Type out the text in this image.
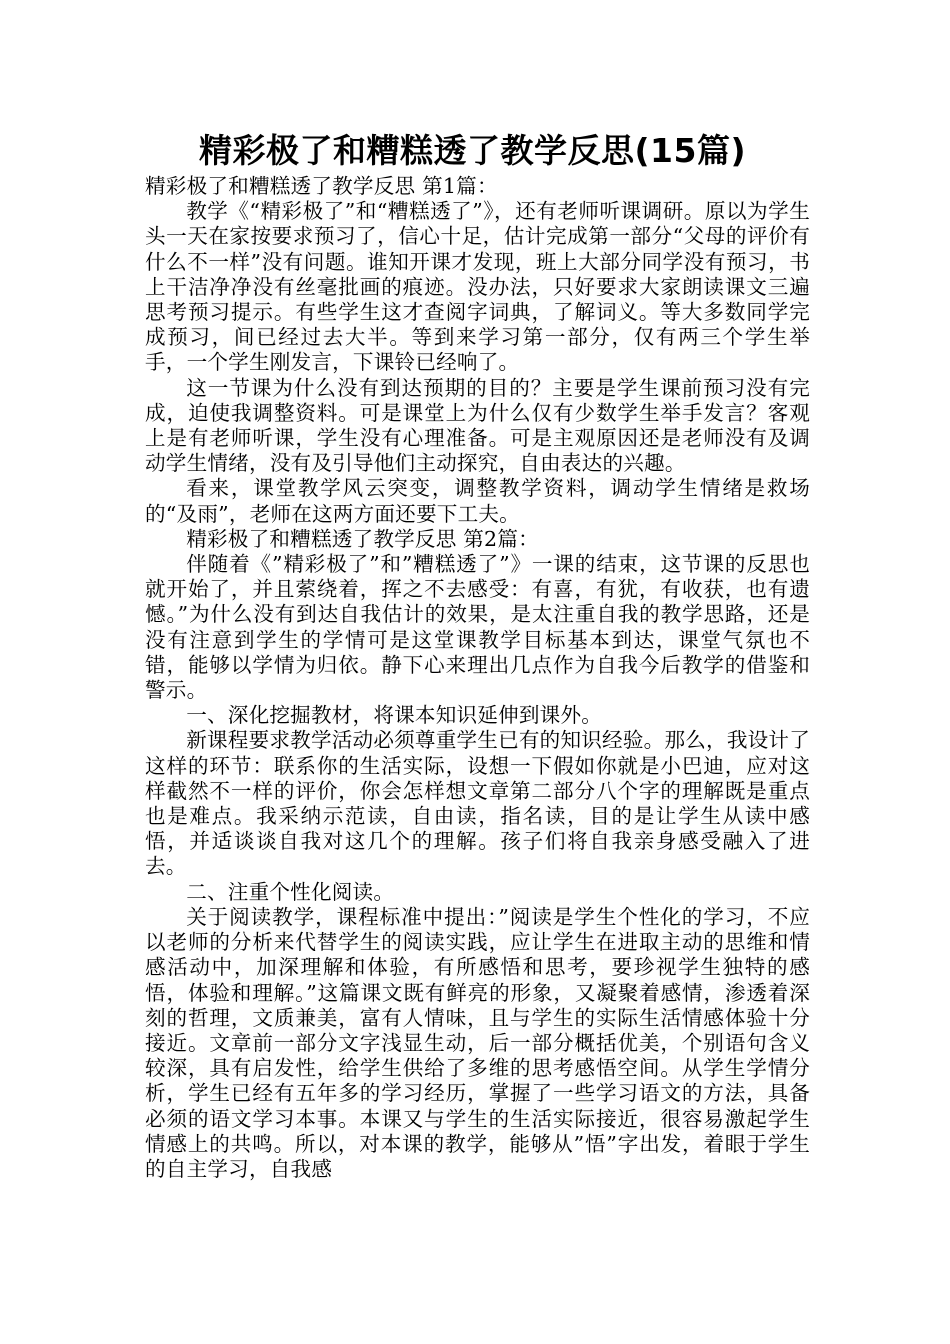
精彩极了和糟糕透了教学反思(15篇)

精彩极了和糟糕透了教学反思 第1篇：

教学《“精彩极了”和“糟糕透了”》，还有老师听课调研。原以为学生头一天在家按要求预习了，信心十足，估计完成第一部分“父母的评价有什么不一样”没有问题。谁知开课才发现，班上大部分同学没有预习，书上干洁净净没有丝毫批画的痕迹。没办法，只好要求大家朗读课文三遍思考预习提示。有些学生这才查阅字词典，了解词义。等大多数同学完成预习，间已经过去大半。等到来学习第一部分，仅有两三个学生举手，一个学生刚发言，下课铃已经响了。

这一节课为什么没有到达预期的目的？主要是学生课前预习没有完成，迫使我调整资料。可是课堂上为什么仅有少数学生举手发言？客观上是有老师听课，学生没有心理准备。可是主观原因还是老师没有及调动学生情绪，没有及引导他们主动探究，自由表达的兴趣。

看来，课堂教学风云突变，调整教学资料，调动学生情绪是救场的“及雨”，老师在这两方面还要下工夫。

精彩极了和糟糕透了教学反思 第2篇：

伴随着《”精彩极了”和”糟糕透了”》一课的结束，这节课的反思也就开始了，并且萦绕着，挥之不去感受：有喜，有犹，有收获，也有遗憾。”为什么没有到达自我估计的效果，是太注重自我的教学思路，还是没有注意到学生的学情可是这堂课教学目标基本到达，课堂气氛也不错，能够以学情为归依。静下心来理出几点作为自我今后教学的借鉴和警示。

一、深化挖掘教材，将课本知识延伸到课外。

新课程要求教学活动必须尊重学生已有的知识经验。那么，我设计了这样的环节：联系你的生活实际，设想一下假如你就是小巴迪，应对这样截然不一样的评价，你会怎样想文章第二部分八个字的理解既是重点也是难点。我采纳示范读，自由读，指名读，目的是让学生从读中感悟，并适谈谈自我对这几个的理解。孩子们将自我亲身感受融入了进去。

二、注重个性化阅读。

关于阅读教学，课程标准中提出：”阅读是学生个性化的学习，不应以老师的分析来代替学生的阅读实践，应让学生在进取主动的思维和情感活动中，加深理解和体验，有所感悟和思考，要珍视学生独特的感悟，体验和理解。”这篇课文既有鲜亮的形象，又凝聚着感情，渗透着深刻的哲理，文质兼美，富有人情味，且与学生的实际生活情感体验十分接近。文章前一部分文字浅显生动，后一部分概括优美，个别语句含义较深，具有启发性，给学生供给了多维的思考感悟空间。从学生学情分析，学生已经有五年多的学习经历，掌握了一些学习语文的方法，具备必须的语文学习本事。本课又与学生的生活实际接近，很容易激起学生情感上的共鸣。所以，对本课的教学，能够从”悟”字出发，着眼于学生的自主学习，自我感
